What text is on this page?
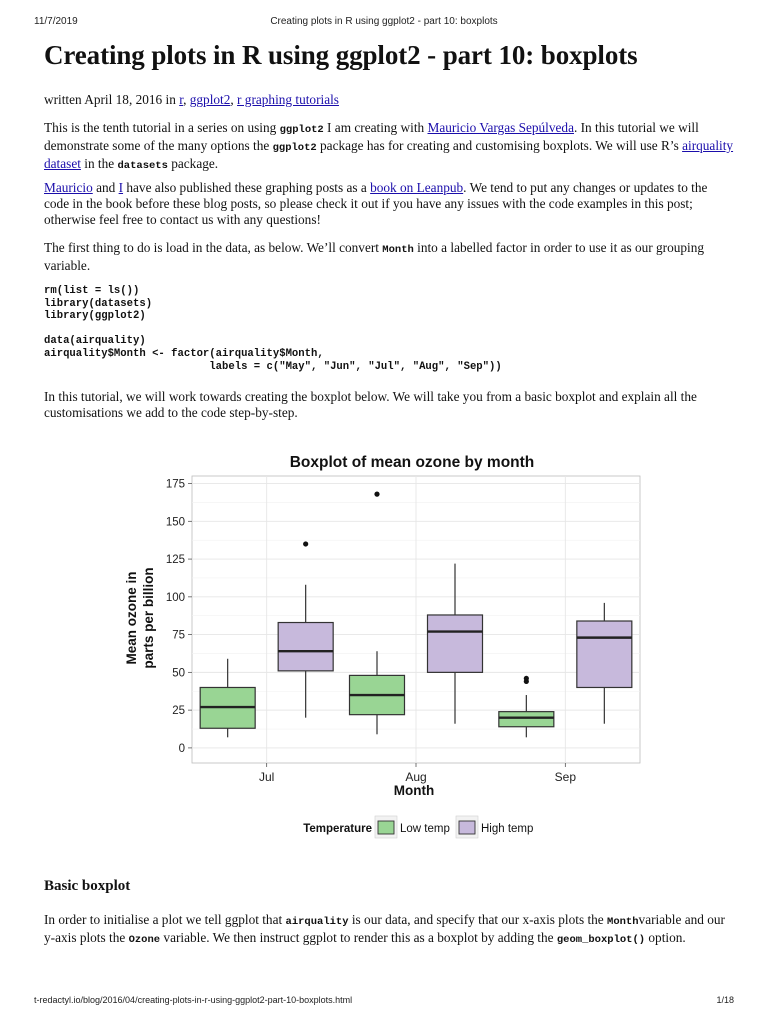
11/7/2019	Creating plots in R using ggplot2 - part 10: boxplots
Creating plots in R using ggplot2 - part 10: boxplots

written April 18, 2016 in r, ggplot2, r graphing tutorials

This is the tenth tutorial in a series on using ggplot2 I am creating with Mauricio Vargas Sepúlveda. In this tutorial we will demonstrate some of the many options the ggplot2 package has for creating and customising boxplots. We will use R’s airquality dataset in the datasets package.

Mauricio and I have also published these graphing posts as a book on Leanpub. We tend to put any changes or updates to the code in the book before these blog posts, so please check it out if you have any issues with the code examples in this post; otherwise feel free to contact us with any questions!

The first thing to do is load in the data, as below. We’ll convert Month into a labelled factor in order to use it as our grouping variable.

rm(list = ls())
library(datasets)
library(ggplot2)

data(airquality)
airquality$Month <- factor(airquality$Month,
labels = c("May", "Jun", "Jul", "Aug", "Sep"))

In this tutorial, we will work towards creating the boxplot below. We will take you from a basic boxplot and explain all the customisations we add to the code step-by-step.

Boxplot of mean ozone by month
0
25
50
75
100
125
150
175
Jul	Aug	Sep
Mean ozone in parts per billion
Month
Temperature Low temp	High temp
Basic boxplot

In order to initialise a plot we tell ggplot that airquality is our data, and specify that our x-axis plots the Monthvariable and our y-axis plots the Ozone variable. We then instruct ggplot to render this as a boxplot by adding the geom_boxplot() option.

t-redactyl.io/blog/2016/04/creating-plots-in-r-using-ggplot2-part-10-boxplots.html	1/18
